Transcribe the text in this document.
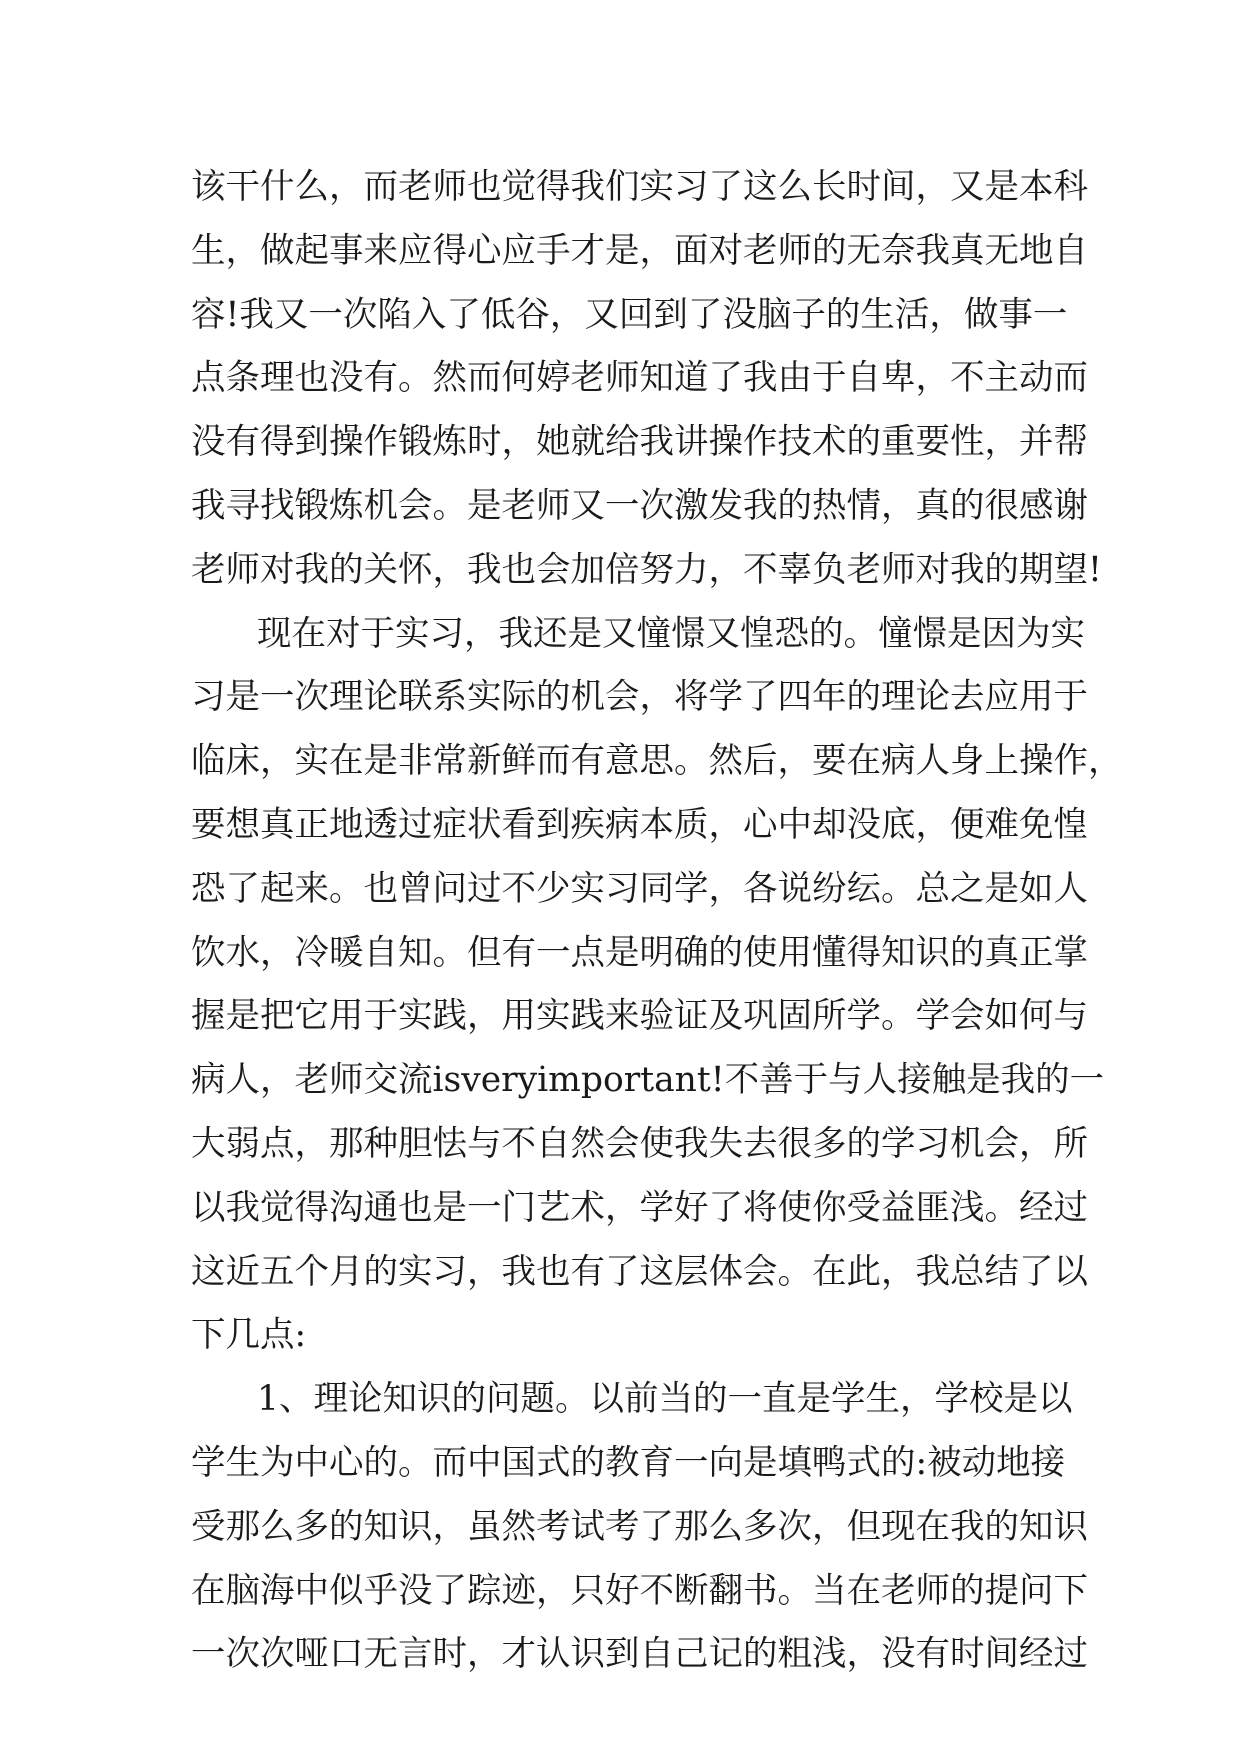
该干什么，而老师也觉得我们实习了这么长时间，又是本科
生，做起事来应得心应手才是，面对老师的无奈我真无地自
容!我又一次陷入了低谷，又回到了没脑子的生活，做事一
点条理也没有。然而何婷老师知道了我由于自卑，不主动而
没有得到操作锻炼时，她就给我讲操作技术的重要性，并帮
我寻找锻炼机会。是老师又一次激发我的热情，真的很感谢
老师对我的关怀，我也会加倍努力，不辜负老师对我的期望!
现在对于实习，我还是又憧憬又惶恐的。憧憬是因为实
习是一次理论联系实际的机会，将学了四年的理论去应用于
临床，实在是非常新鲜而有意思。然后，要在病人身上操作，
要想真正地透过症状看到疾病本质，心中却没底，便难免惶
恐了起来。也曾问过不少实习同学，各说纷纭。总之是如人
饮水，冷暖自知。但有一点是明确的使用懂得知识的真正掌
握是把它用于实践，用实践来验证及巩固所学。学会如何与
病人，老师交流isveryimportant!不善于与人接触是我的一
大弱点，那种胆怯与不自然会使我失去很多的学习机会，所
以我觉得沟通也是一门艺术，学好了将使你受益匪浅。经过
这近五个月的实习，我也有了这层体会。在此，我总结了以
下几点:
1、理论知识的问题。以前当的一直是学生，学校是以
学生为中心的。而中国式的教育一向是填鸭式的:被动地接
受那么多的知识，虽然考试考了那么多次，但现在我的知识
在脑海中似乎没了踪迹，只好不断翻书。当在老师的提问下
一次次哑口无言时，才认识到自己记的粗浅，没有时间经过
